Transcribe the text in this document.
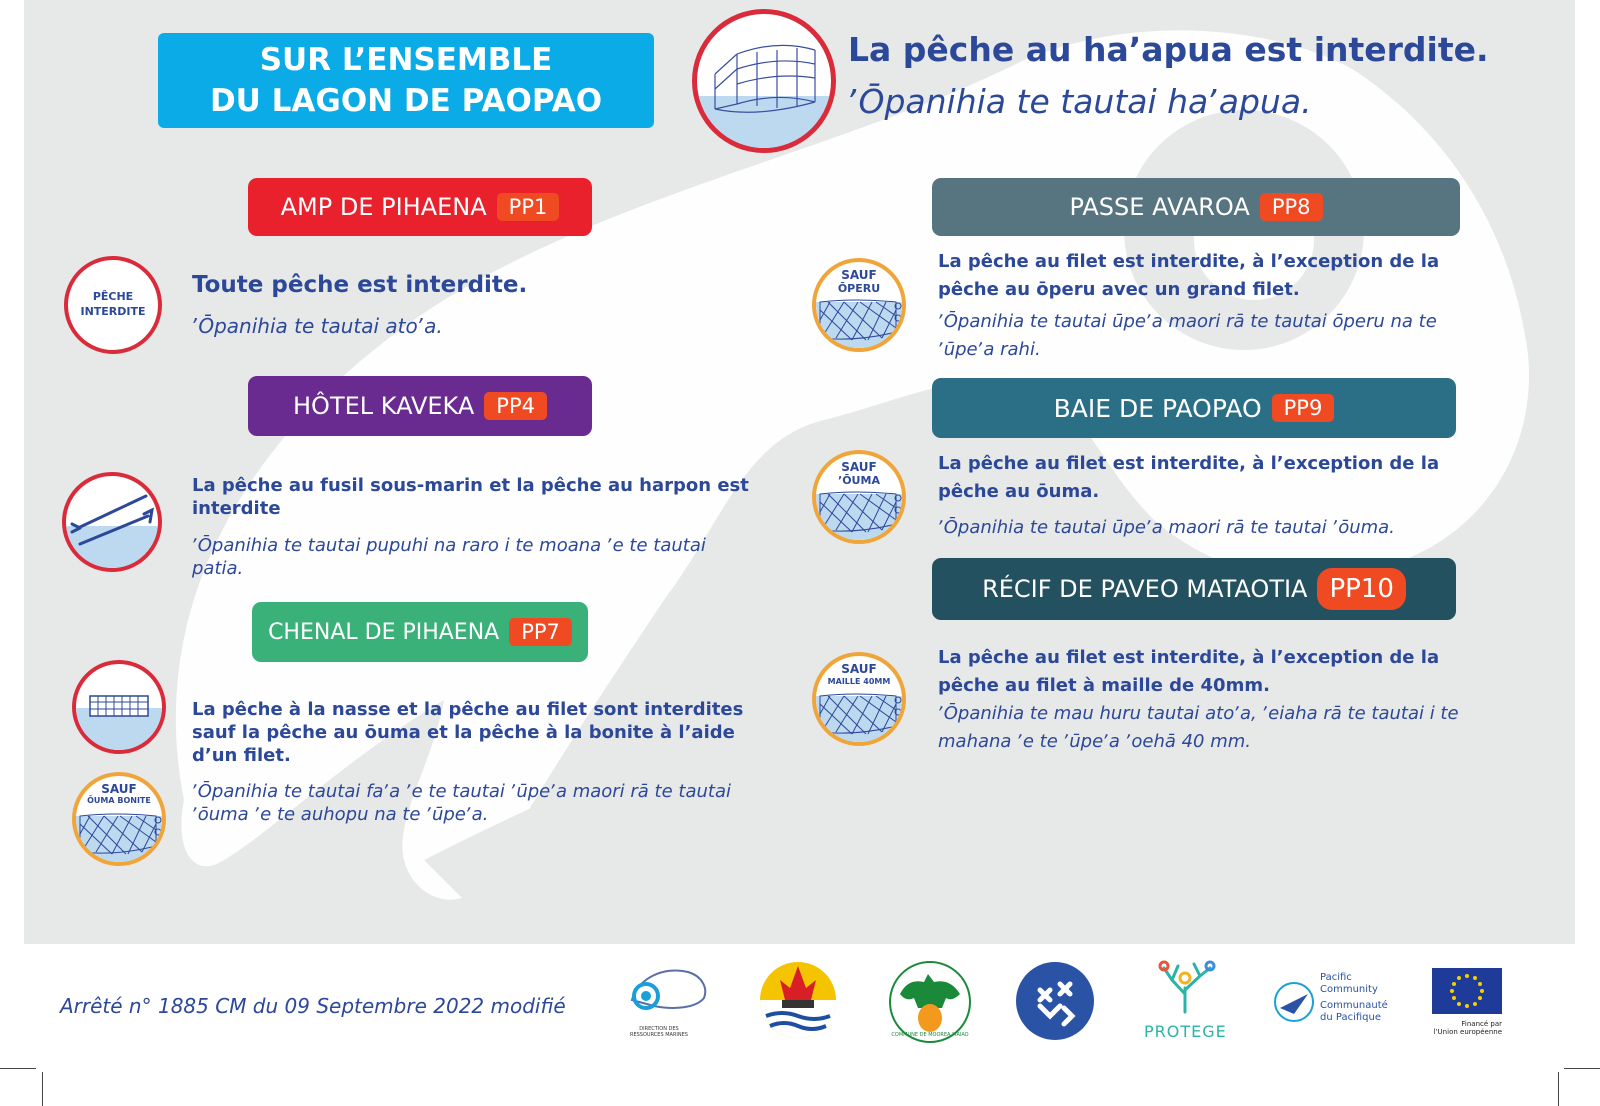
SUR L’ENSEMBLE
DU LAGON DE PAOPAO
La pêche au haʼapua est interdite.
ʼŌpanihia te tautai haʼapua.
AMP DE PIHAENA	PP1
PÊCHE
INTERDITE
Toute pêche est interdite.
ʼŌpanihia te tautai atoʼa.
HÔTEL KAVEKA	PP4
La pêche au fusil sous-marin et la pêche au harpon est interdite
ʼŌpanihia te tautai pupuhi na raro i te moana ʼe te tautai patia.
CHENAL DE PIHAENA	PP7
La pêche à la nasse et la pêche au filet sont interdites sauf la pêche au ōuma et la pêche à la bonite à lʼaide dʼun filet.
SAUF
ŌUMA BONITE	ʼŌpanihia te tautai faʼa ʼe te tautai ʼūpeʼa maori rā te tautai ʼōuma ʼe te auhopu na te ʼūpeʼa.
PASSE AVAROA	PP8
SAUF
ŌPERU
La pêche au filet est interdite, à lʼexception de la pêche au ōperu avec un grand filet.
ʼŌpanihia te tautai ūpeʼa maori rā te tautai ōperu na te ʼūpeʼa rahi.
BAIE DE PAOPAO	PP9
SAUF
ʼŌUMA
La pêche au filet est interdite, à lʼexception de la pêche au ōuma.
ʼŌpanihia te tautai ūpeʼa maori rā te tautai ʼōuma.
RÉCIF DE PAVEO MATAOTIA PP10
SAUF
MAILLE 40MM
La pêche au filet est interdite, à lʼexception de la pêche au filet à maille de 40mm.
ʼŌpanihia te mau huru tautai atoʼa, ʼeiaha rā te tautai i te mahana ʼe te ʼūpeʼa ʼoehā 40 mm.
Arrêté n° 1885 CM du 09 Septembre 2022 modifié
DIRECTION DES RESSOURCES MARINES	COMMUNE DE MOOREA-MAIAO	PROTEGE
Pacific
Community
Communauté
du Pacifique
Financé par
l’Union européenne
